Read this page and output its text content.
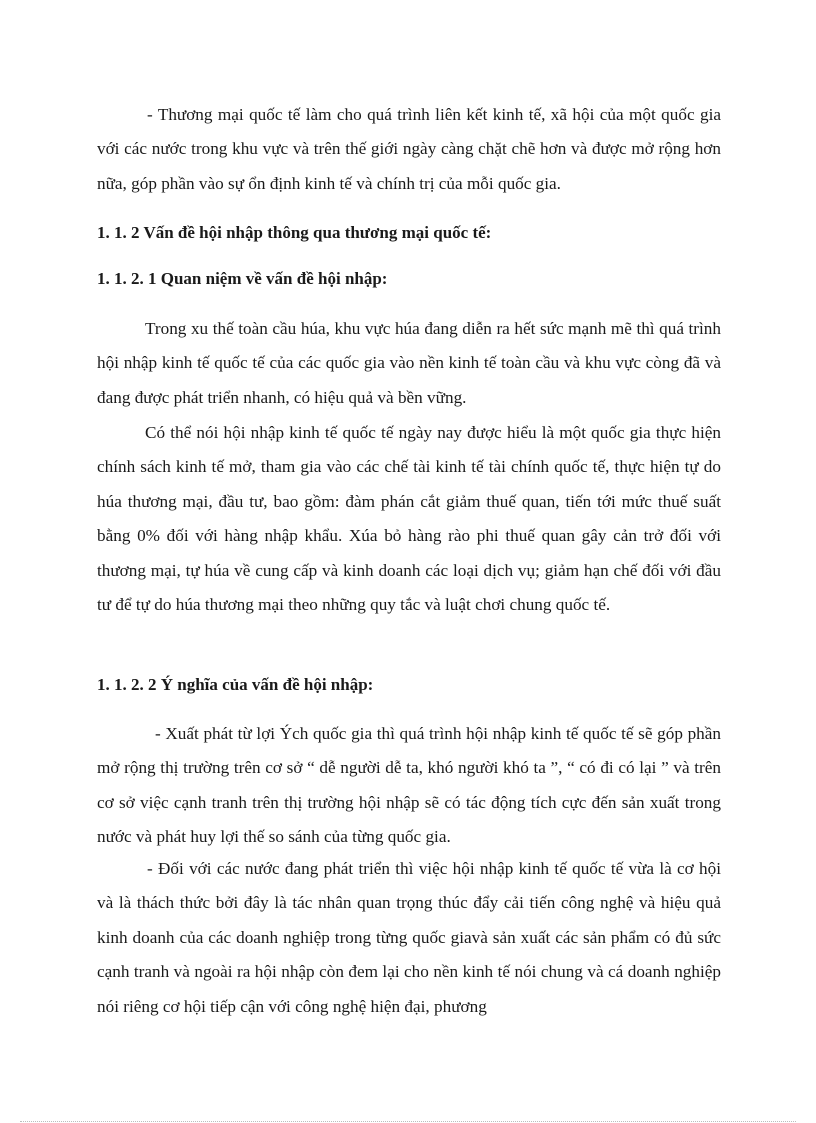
- Thương mại quốc tế làm cho quá trình liên kết kinh tế, xã hội của một quốc gia với các nước trong khu vực và trên thế giới ngày càng chặt chẽ hơn và được mở rộng hơn nữa, góp phần vào sự ổn định kinh tế và chính trị của mỗi quốc gia.

1. 1. 2 Vấn đề hội nhập thông qua thương mại quốc tế:
1. 1. 2. 1 Quan niệm về vấn đề hội nhập:

Trong xu thế toàn cầu húa, khu vực húa đang diễn ra hết sức mạnh mẽ thì quá trình hội nhập kinh tế quốc tế của các quốc gia vào nền kinh tế toàn cầu và khu vực còng đã và đang được phát triển nhanh, có hiệu quả và bền vững.

Có thể nói hội nhập kinh tế quốc tế ngày nay được hiểu là một quốc gia thực hiện chính sách kinh tế mở, tham gia vào các chế tài kinh tế tài chính quốc tế, thực hiện tự do húa thương mại, đầu tư, bao gồm: đàm phán cắt giảm thuế quan, tiến tới mức thuế suất bằng 0% đối với hàng nhập khẩu. Xúa bỏ hàng rào phi thuế quan gây cản trở đối với thương mại, tự húa về cung cấp và kinh doanh các loại dịch vụ; giảm hạn chế đối với đầu tư để tự do húa thương mại theo những quy tắc và luật chơi chung quốc tế.

1. 1. 2. 2 Ý nghĩa của vấn đề hội nhập:

- Xuất phát từ lợi Ých quốc gia thì quá trình hội nhập kinh tế quốc tế sẽ góp phần mở rộng thị trường trên cơ sở “ dễ người dễ ta, khó người khó ta ”, “ có đi có lại ” và trên cơ sở việc cạnh tranh trên thị trường hội nhập sẽ có tác động tích cực đến sản xuất trong nước và phát huy lợi thế so sánh của từng quốc gia.

- Đối với các nước đang phát triển thì việc hội nhập kinh tế quốc tế vừa là cơ hội và là thách thức bởi đây là tác nhân quan trọng thúc đẩy cải tiến công nghệ và hiệu quả kinh doanh của các doanh nghiệp trong từng quốc giavà sản xuất các sản phẩm có đủ sức cạnh tranh và ngoài ra hội nhập còn đem lại cho nền kinh tế nói chung và cá doanh nghiệp nói riêng cơ hội tiếp cận với công nghệ hiện đại, phương
